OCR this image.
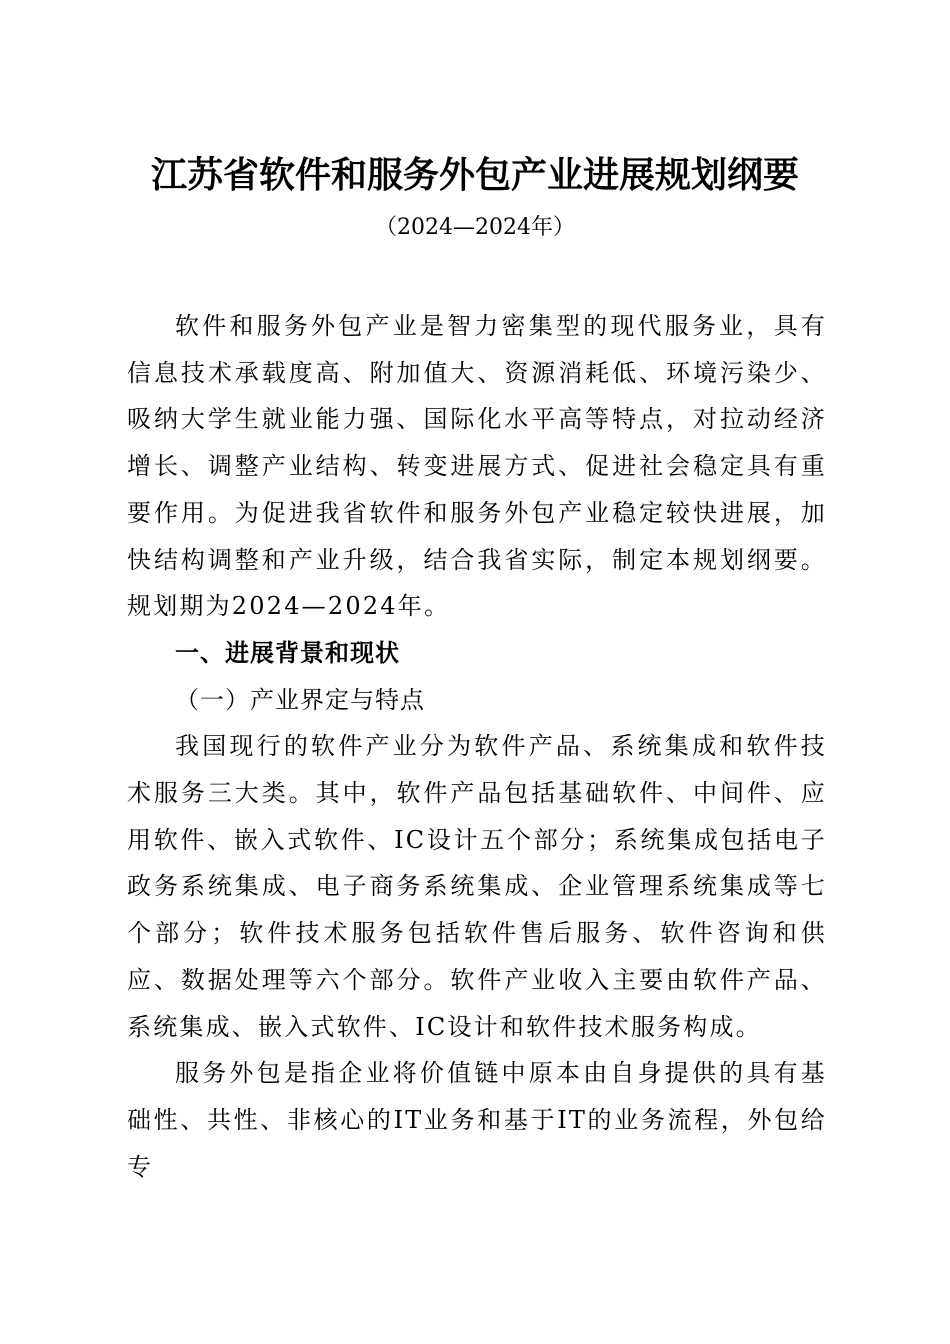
江苏省软件和服务外包产业进展规划纲要
（2024—2024年）

软件和服务外包产业是智力密集型的现代服务业，具有信息技术承载度高、附加值大、资源消耗低、环境污染少、吸纳大学生就业能力强、国际化水平高等特点，对拉动经济增长、调整产业结构、转变进展方式、促进社会稳定具有重要作用。为促进我省软件和服务外包产业稳定较快进展，加快结构调整和产业升级，结合我省实际，制定本规划纲要。规划期为2024—2024年。

一、进展背景和现状

（一）产业界定与特点

我国现行的软件产业分为软件产品、系统集成和软件技术服务三大类。其中，软件产品包括基础软件、中间件、应用软件、嵌入式软件、IC设计五个部分；系统集成包括电子政务系统集成、电子商务系统集成、企业管理系统集成等七个部分；软件技术服务包括软件售后服务、软件咨询和供应、数据处理等六个部分。软件产业收入主要由软件产品、系统集成、嵌入式软件、IC设计和软件技术服务构成。

服务外包是指企业将价值链中原本由自身提供的具有基础性、共性、非核心的IT业务和基于IT的业务流程，外包给专
